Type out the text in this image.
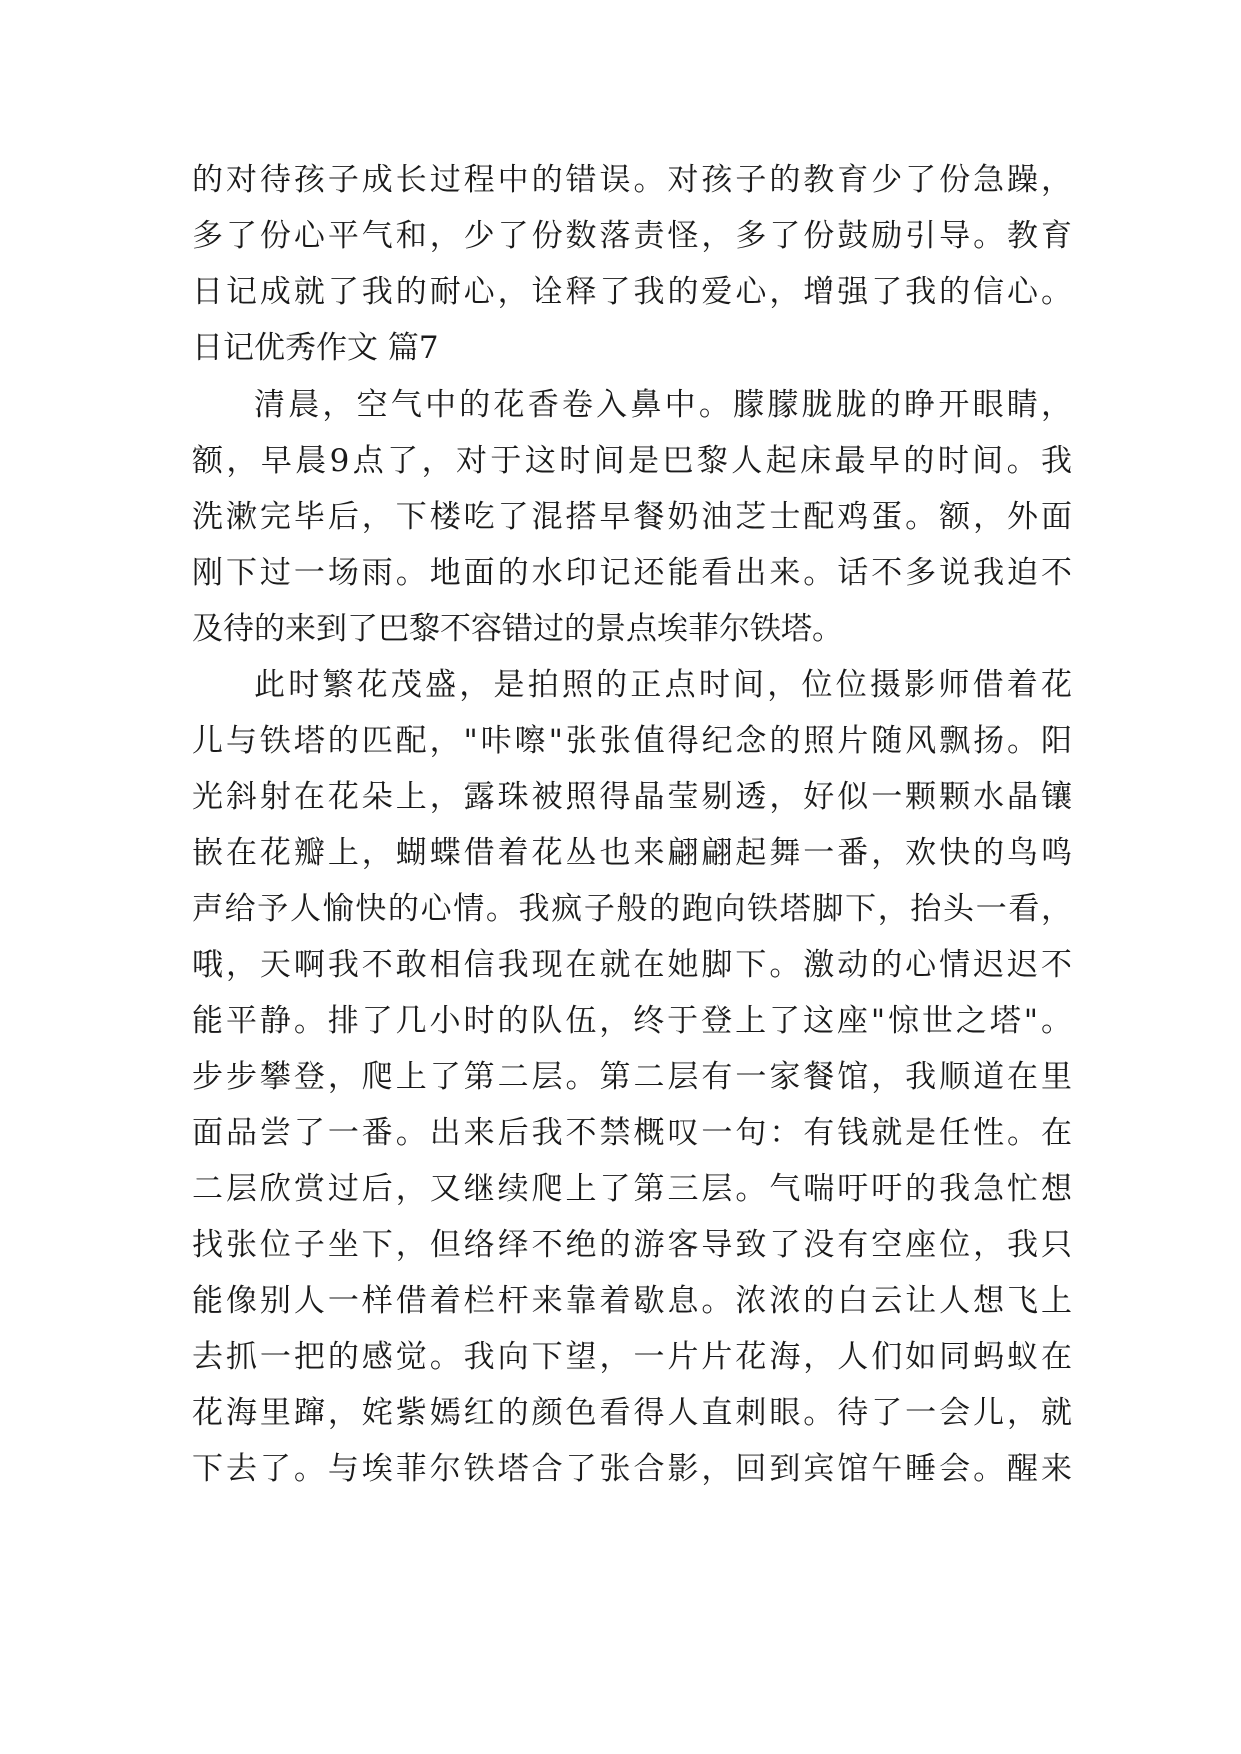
的对待孩子成长过程中的错误。对孩子的教育少了份急躁，
多了份心平气和，少了份数落责怪，多了份鼓励引导。教育
日记成就了我的耐心，诠释了我的爱心，增强了我的信心。
日记优秀作文 篇7
清晨，空气中的花香卷入鼻中。朦朦胧胧的睁开眼睛，
额，早晨9点了，对于这时间是巴黎人起床最早的时间。我
洗漱完毕后，下楼吃了混搭早餐奶油芝士配鸡蛋。额，外面
刚下过一场雨。地面的水印记还能看出来。话不多说我迫不
及待的来到了巴黎不容错过的景点埃菲尔铁塔。
此时繁花茂盛，是拍照的正点时间，位位摄影师借着花
儿与铁塔的匹配，"咔嚓"张张值得纪念的照片随风飘扬。阳
光斜射在花朵上，露珠被照得晶莹剔透，好似一颗颗水晶镶
嵌在花瓣上，蝴蝶借着花丛也来翩翩起舞一番，欢快的鸟鸣
声给予人愉快的心情。我疯子般的跑向铁塔脚下，抬头一看，
哦，天啊我不敢相信我现在就在她脚下。激动的心情迟迟不
能平静。排了几小时的队伍，终于登上了这座"惊世之塔"。
步步攀登，爬上了第二层。第二层有一家餐馆，我顺道在里
面品尝了一番。出来后我不禁概叹一句：有钱就是任性。在
二层欣赏过后，又继续爬上了第三层。气喘吁吁的我急忙想
找张位子坐下，但络绎不绝的游客导致了没有空座位，我只
能像别人一样借着栏杆来靠着歇息。浓浓的白云让人想飞上
去抓一把的感觉。我向下望，一片片花海，人们如同蚂蚁在
花海里蹿，姹紫嫣红的颜色看得人直刺眼。待了一会儿，就
下去了。与埃菲尔铁塔合了张合影，回到宾馆午睡会。醒来
